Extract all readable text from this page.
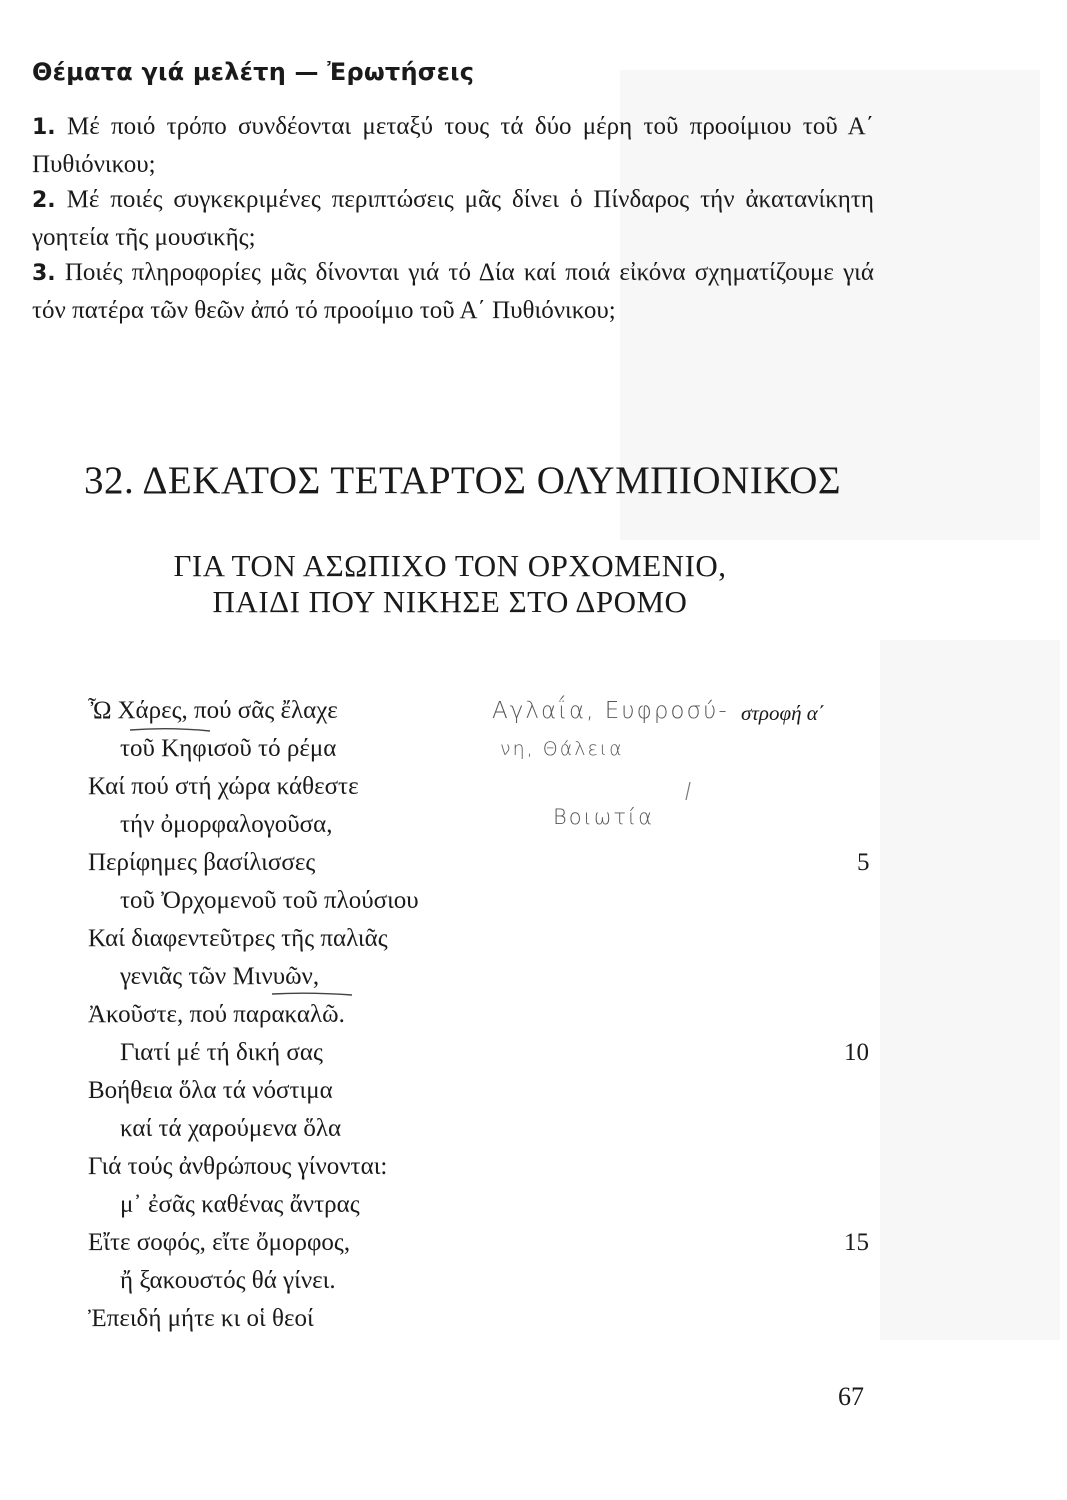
Θέματα γιά μελέτη — Ἐρωτήσεις
1. Μέ ποιό τρόπο συνδέονται μεταξύ τους τά δύο μέρη τοῦ προοίμιου τοῦ Α΄ Πυθιόνικου;
2. Μέ ποιές συγκεκριμένες περιπτώσεις μᾶς δίνει ὁ Πίνδαρος τήν ἀκατανίκητη γοητεία τῆς μουσικῆς;
3. Ποιές πληροφορίες μᾶς δίνονται γιά τό Δία καί ποιά εἰκόνα σχηματίζουμε γιά τόν πατέρα τῶν θεῶν ἀπό τό προοίμιο τοῦ Α΄ Πυθιόνικου;
32. ΔΕΚΑΤΟΣ ΤΕΤΑΡΤΟΣ ΟΛΥΜΠΙΟΝΙΚΟΣ
ΓΙΑ ΤΟΝ ΑΣΩΠΙΧΟ ΤΟΝ ΟΡΧΟΜΕΝΙΟ,
ΠΑΙΔΙ ΠΟΥ ΝΙΚΗΣΕ ΣΤΟ ΔΡΟΜΟ
στροφή α΄
Ὦ Χάρες, πού σᾶς ἔλαχε
τοῦ Κηφισοῦ τό ρέμα
Καί πού στή χώρα κάθεστε
τήν ὀμορφαλογοῦσα,
Περίφημες βασίλισσες
τοῦ Ὀρχομενοῦ τοῦ πλούσιου
Καί διαφεντεῦτρες τῆς παλιᾶς
γενιᾶς τῶν Μινυῶν,
Ἀκοῦστε, πού παρακαλῶ.
Γιατί μέ τή δική σας
Βοήθεια ὅλα τά νόστιμα
καί τά χαρούμενα ὅλα
Γιά τούς ἀνθρώπους γίνονται:
μ᾽ ἐσᾶς καθένας ἄντρας
Εἴτε σοφός, εἴτε ὄμορφος,
ἤ ξακουστός θά γίνει.
Ἐπειδή μήτε κι οἱ θεοί
5
10
15
Αγλαΐα, Ευφροσύ-
νη, Θάλεια
Βοιωτία
67
